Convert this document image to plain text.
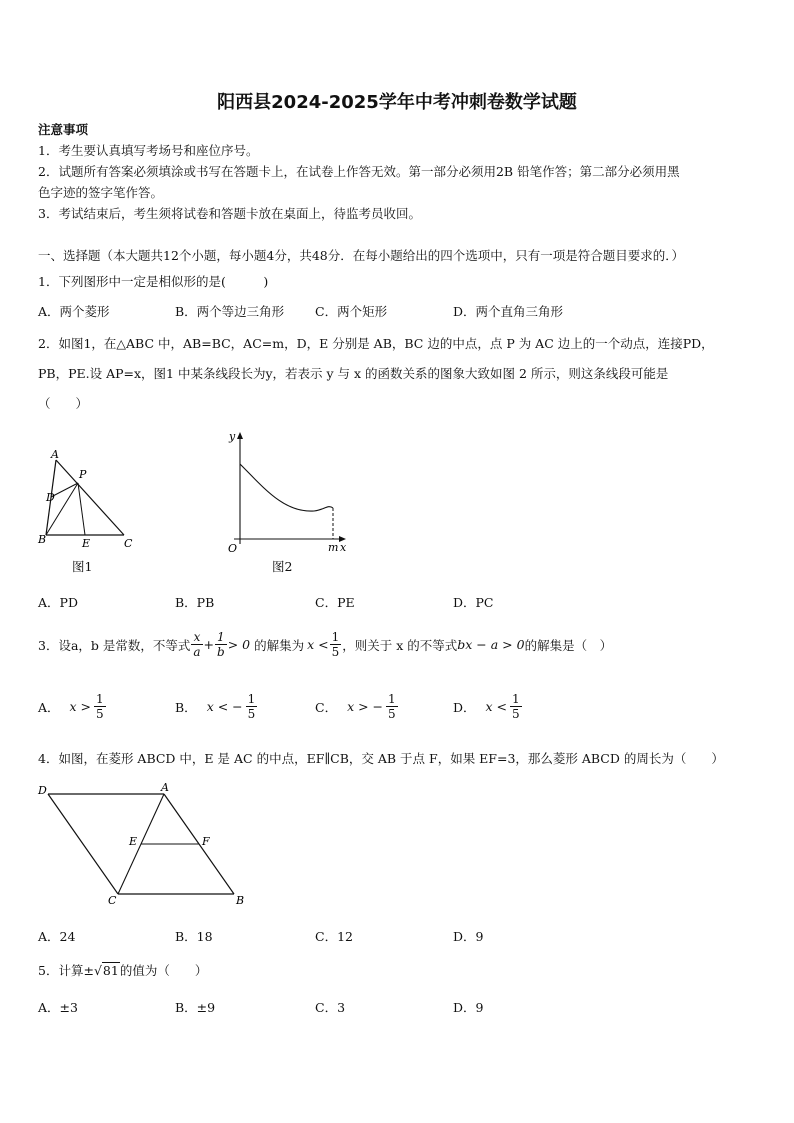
阳西县2024-2025学年中考冲刺卷数学试题
注意事项
1．考生要认真填写考场号和座位序号。
2．试题所有答案必须填涂或书写在答题卡上，在试卷上作答无效。第一部分必须用2B 铅笔作答；第二部分必须用黑
色字迹的签字笔作答。
3．考试结束后，考生须将试卷和答题卡放在桌面上，待监考员收回。
一、选择题（本大题共12个小题，每小题4分，共48分．在每小题给出的四个选项中，只有一项是符合题目要求的．）
1．下列图形中一定是相似形的是(　　　)
A．两个菱形	B．两个等边三角形 C．两个矩形	D．两个直角三角形
2．如图1，在△ABC 中，AB=BC，AC=m，D，E 分别是 AB，BC 边的中点，点 P 为 AC 边上的一个动点，连接PD，
PB，PE.设 AP=x，图1 中某条线段长为y，若表示 y 与 x 的函数关系的图象大致如图 2 所示，则这条线段可能是
（　　）
A
P
D
B	E	C
图1
y
x
O	m
图2
A．PD	B．PB	C．PE	D．PC
3．设a，b 是常数，不等式 $\frac{x}{a} + \frac{1}{b} > 0$ 的解集为 $x < \frac{1}{5}$ ，则关于 x 的不等式 bx − a > 0 的解集是（　）
A． $x > \frac{1}{5}$	B． x < − $\frac{1}{5}$	C． x > − $\frac{1}{5}$	D． $x < \frac{1}{5}$
4．如图，在菱形 ABCD 中，E 是 AC 的中点，EF∥CB，交 AB 于点 F，如果 EF=3，那么菱形 ABCD 的周长为（　　）
D	A
E	F
C	B
A．24	B．18	C．12	D．9
5．计算±√81的值为（　　）
A．±3	B．±9	C．3	D．9
